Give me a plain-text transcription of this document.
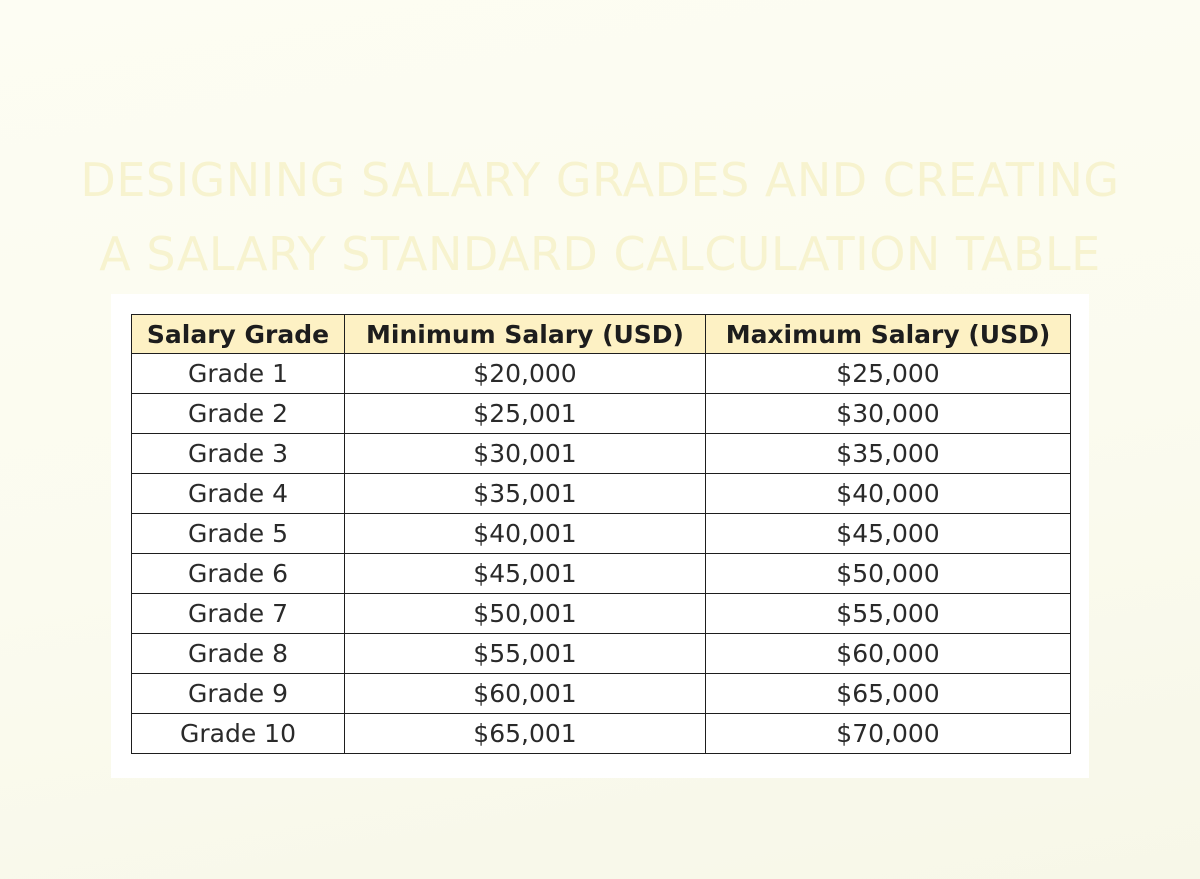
DESIGNING SALARY GRADES AND CREATING
A SALARY STANDARD CALCULATION TABLE
Salary Grade	Minimum Salary (USD)	Maximum Salary (USD)
Grade 1	$20,000	$25,000
Grade 2	$25,001	$30,000
Grade 3	$30,001	$35,000
Grade 4	$35,001	$40,000
Grade 5	$40,001	$45,000
Grade 6	$45,001	$50,000
Grade 7	$50,001	$55,000
Grade 8	$55,001	$60,000
Grade 9	$60,001	$65,000
Grade 10	$65,001	$70,000
